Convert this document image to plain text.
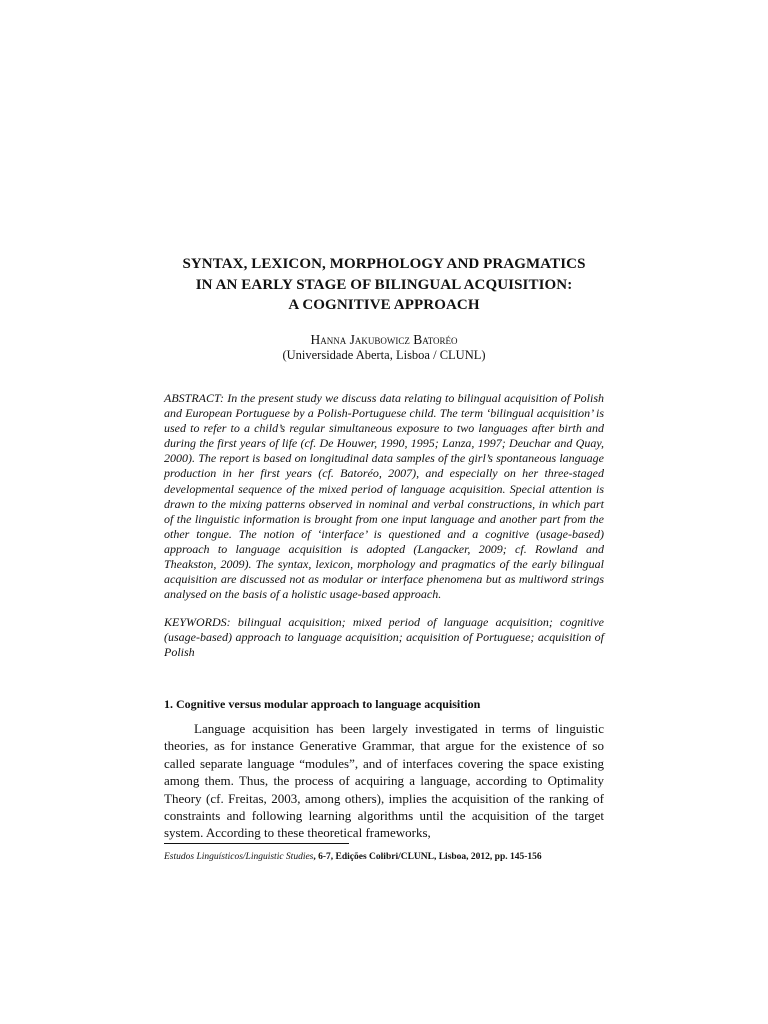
SYNTAX, LEXICON, MORPHOLOGY AND PRAGMATICS
IN AN EARLY STAGE OF BILINGUAL ACQUISITION:
A COGNITIVE APPROACH
Hanna Jakubowicz Batoréo
(Universidade Aberta, Lisboa / CLUNL)

ABSTRACT: In the present study we discuss data relating to bilingual acquisition of Polish and European Portuguese by a Polish-Portuguese child. The term ‘bilingual acquisition’ is used to refer to a child’s regular simultaneous exposure to two languages after birth and during the first years of life (cf. De Houwer, 1990, 1995; Lanza, 1997; Deuchar and Quay, 2000). The report is based on longitudinal data samples of the girl’s spontaneous language production in her first years (cf. Batoréo, 2007), and especially on her three-staged developmental sequence of the mixed period of language acquisition. Special attention is drawn to the mixing patterns observed in nominal and verbal constructions, in which part of the linguistic information is brought from one input language and another part from the other tongue. The notion of ‘interface’ is questioned and a cognitive (usage-based) approach to language acquisition is adopted (Langacker, 2009; cf. Rowland and Theakston, 2009). The syntax, lexicon, morphology and pragmatics of the early bilingual acquisition are discussed not as modular or interface phenomena but as multiword strings analysed on the basis of a holistic usage-based approach.

KEYWORDS: bilingual acquisition; mixed period of language acquisition; cognitive (usage-based) approach to language acquisition; acquisition of Portuguese; acquisition of Polish

1. Cognitive versus modular approach to language acquisition

Language acquisition has been largely investigated in terms of linguistic theories, as for instance Generative Grammar, that argue for the existence of so called separate language “modules”, and of interfaces covering the space existing among them. Thus, the process of acquiring a language, according to Optimality Theory (cf. Freitas, 2003, among others), implies the acquisition of the ranking of constraints and following learning algorithms until the acquisition of the target system. According to these theoretical frameworks,

Estudos Linguísticos/Linguistic Studies, 6-7, Edições Colibri/CLUNL, Lisboa, 2012, pp. 145-156
